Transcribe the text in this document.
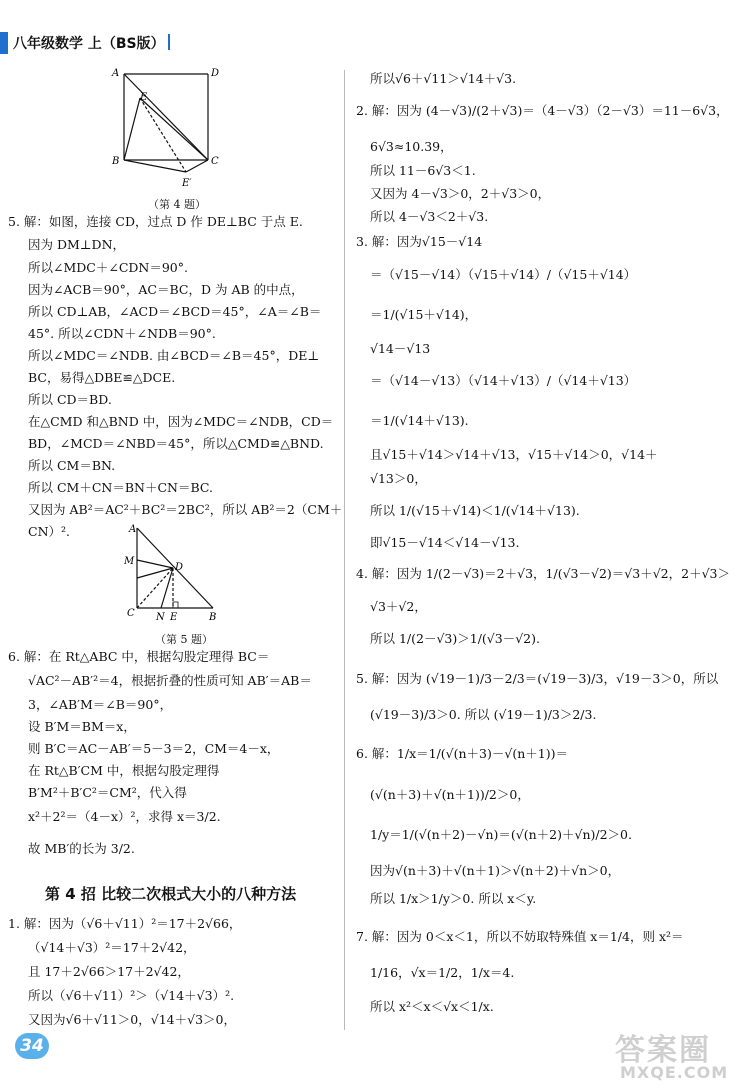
八年级数学 上（BS版）
A	D
E
B	C
E′
（第 4 题）
A
M
D
C N E	B
（第 5 题）
5. 解：如图，连接 CD，过点 D 作 DE⊥BC 于点 E.
因为 DM⊥DN，
所以∠MDC＋∠CDN＝90°.
因为∠ACB＝90°，AC＝BC，D 为 AB 的中点，
所以 CD⊥AB，∠ACD＝∠BCD＝45°，∠A＝∠B＝
45°. 所以∠CDN＋∠NDB＝90°.
所以∠MDC＝∠NDB. 由∠BCD＝∠B＝45°，DE⊥
BC，易得△DBE≌△DCE.
所以 CD＝BD.
在△CMD 和△BND 中，因为∠MDC＝∠NDB，CD＝
BD，∠MCD＝∠NBD＝45°，所以△CMD≌△BND.
所以 CM＝BN.
所以 CM＋CN＝BN＋CN＝BC.
又因为 AB²＝AC²＋BC²＝2BC²，所以 AB²＝2（CM＋
CN）².
6. 解：在 Rt△ABC 中，根据勾股定理得 BC＝
√AC²－AB′²＝4，根据折叠的性质可知 AB′＝AB＝
3，∠AB′M＝∠B＝90°，
设 B′M＝BM＝x，
则 B′C＝AC－AB′＝5－3＝2，CM＝4－x，
在 Rt△B′CM 中，根据勾股定理得
B′M²＋B′C²＝CM²，代入得
x²＋2²＝（4－x）²，求得 x＝3/2.
故 MB′的长为 3/2.
第 4 招 比较二次根式大小的八种方法
1. 解：因为（√6＋√11）²＝17＋2√66，
（√14＋√3）²＝17＋2√42，
且 17＋2√66＞17＋2√42，
所以（√6＋√11）²＞（√14＋√3）².
又因为√6＋√11＞0，√14＋√3＞0，
所以√6＋√11＞√14＋√3.
2. 解：因为 (4－√3)/(2＋√3)＝（4－√3）（2－√3）＝11－6√3，
6√3≈10.39，
所以 11－6√3＜1.
又因为 4－√3＞0，2＋√3＞0，
所以 4－√3＜2＋√3.
3. 解：因为√15－√14
＝（√15－√14）（√15＋√14）/（√15＋√14）
＝1/(√15＋√14)，
√14－√13
＝（√14－√13）（√14＋√13）/（√14＋√13）
＝1/(√14＋√13).
且√15＋√14＞√14＋√13，√15＋√14＞0，√14＋
√13＞0，
所以 1/(√15＋√14)＜1/(√14＋√13).
即√15－√14＜√14－√13.
4. 解：因为 1/(2－√3)＝2＋√3，1/(√3－√2)＝√3＋√2，2＋√3＞
√3＋√2，
所以 1/(2－√3)＞1/(√3－√2).
5. 解：因为 (√19－1)/3－2/3＝(√19－3)/3，√19－3＞0，所以
(√19－3)/3＞0. 所以 (√19－1)/3＞2/3.
6. 解：1/x＝1/(√(n＋3)－√(n＋1))＝
(√(n＋3)＋√(n＋1))/2＞0，
1/y＝1/(√(n＋2)－√n)＝(√(n＋2)＋√n)/2＞0.
因为√(n＋3)＋√(n＋1)＞√(n＋2)＋√n＞0，
所以 1/x＞1/y＞0. 所以 x＜y.
7. 解：因为 0＜x＜1，所以不妨取特殊值 x＝1/4，则 x²＝
1/16，√x＝1/2，1/x＝4.
所以 x²＜x＜√x＜1/x.
34	答案圈
MXQE.COM
